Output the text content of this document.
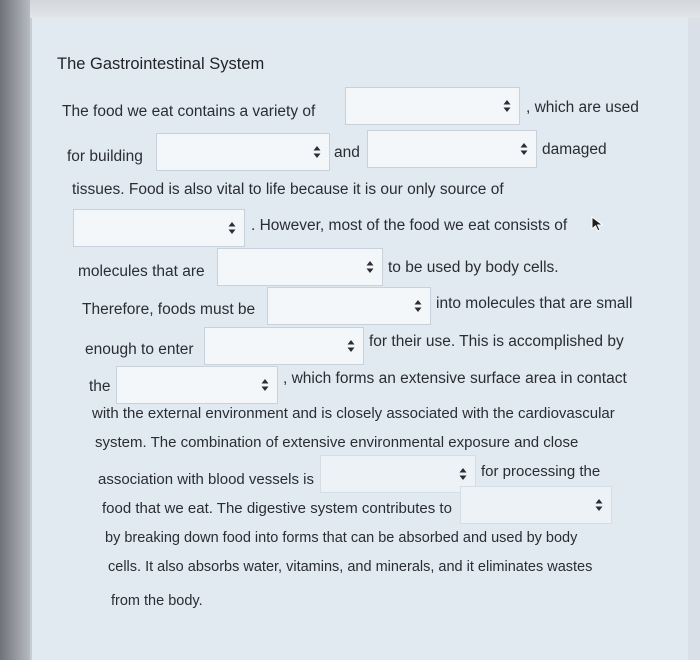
The Gastrointestinal System
The food we eat contains a variety of	, which are used
for building	and	damaged
tissues. Food is also vital to life because it is our only source of
. However, most of the food we eat consists of
molecules that are	to be used by body cells.
Therefore, foods must be	into molecules that are small
enough to enter	for their use. This is accomplished by
the	, which forms an extensive surface area in contact
with the external environment and is closely associated with the cardiovascular
system. The combination of extensive environmental exposure and close
association with blood vessels is	for processing the
food that we eat. The digestive system contributes to
by breaking down food into forms that can be absorbed and used by body
cells. It also absorbs water, vitamins, and minerals, and it eliminates wastes
from the body.
